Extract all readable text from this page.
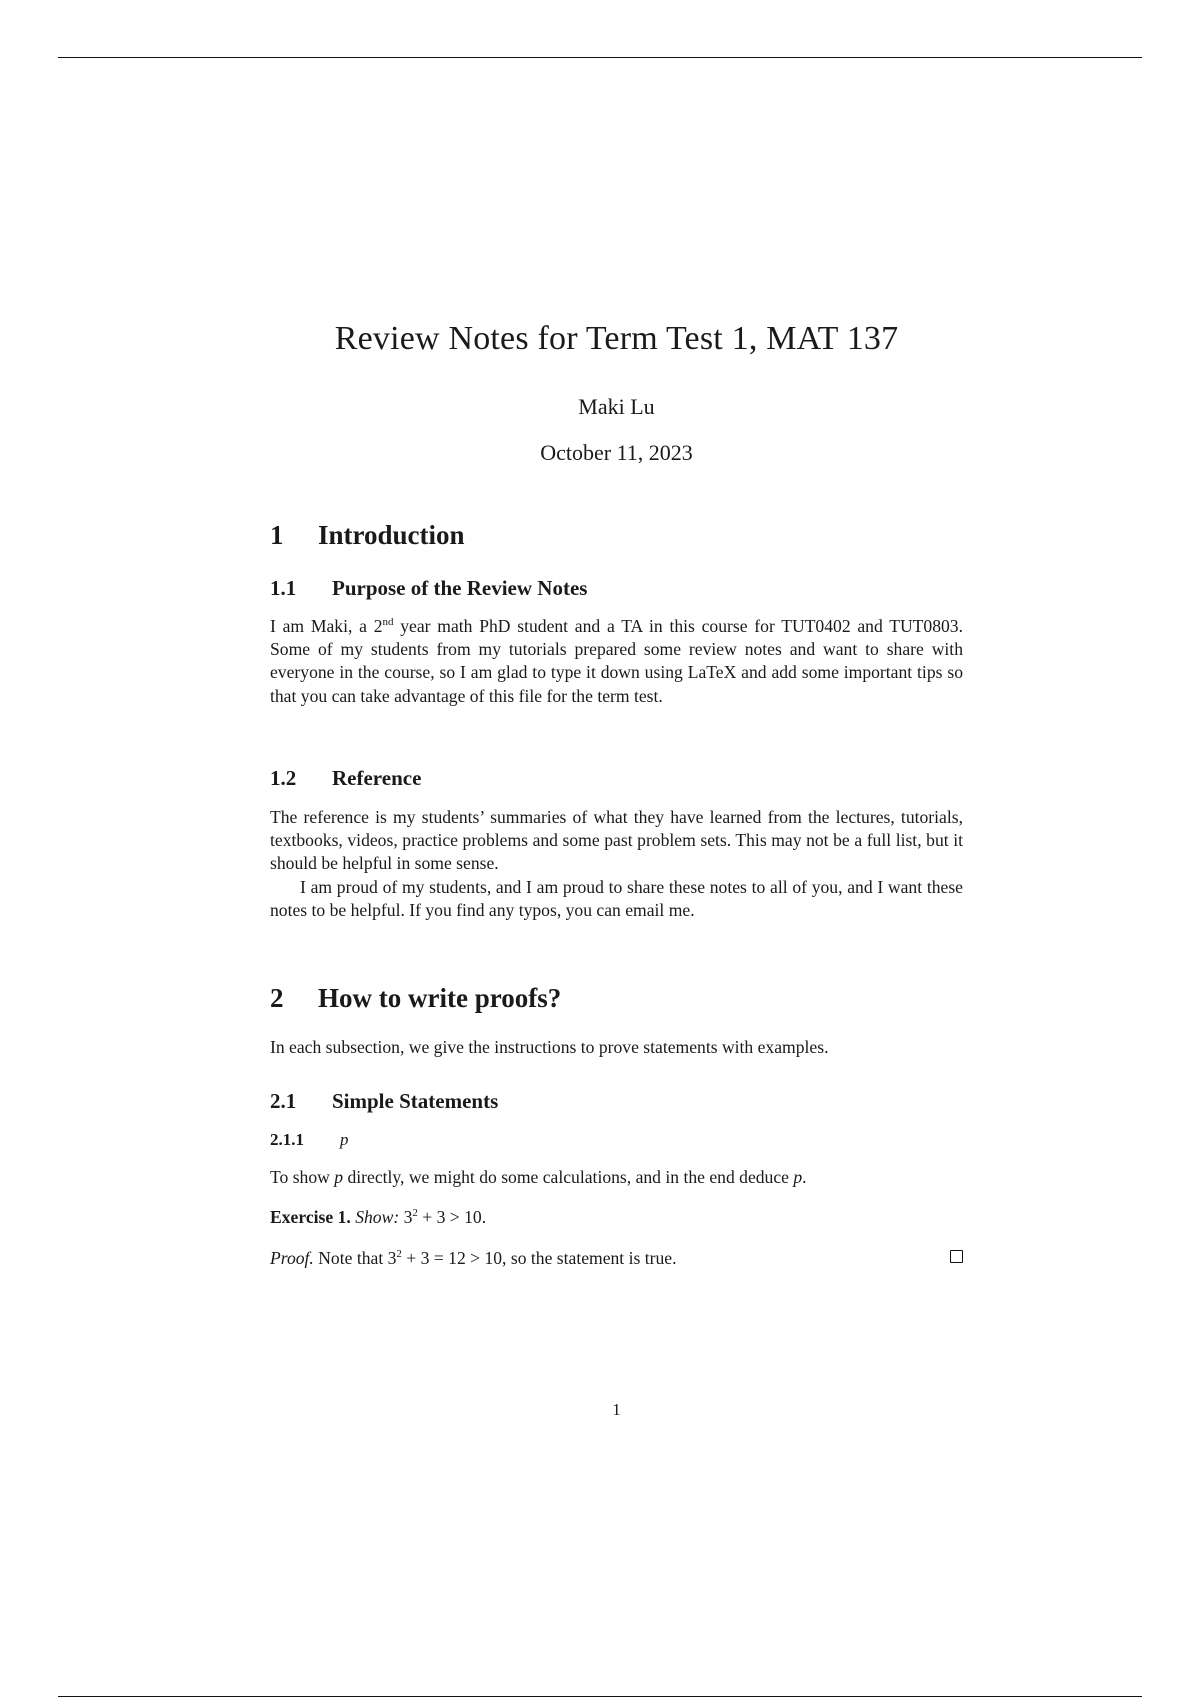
Review Notes for Term Test 1, MAT 137
Maki Lu
October 11, 2023
1 Introduction
1.1 Purpose of the Review Notes
I am Maki, a 2nd year math PhD student and a TA in this course for TUT0402 and TUT0803. Some of my students from my tutorials prepared some review notes and want to share with everyone in the course, so I am glad to type it down using LaTeX and add some important tips so that you can take advantage of this file for the term test.
1.2 Reference
The reference is my students’ summaries of what they have learned from the lectures, tutorials, textbooks, videos, practice problems and some past problem sets. This may not be a full list, but it should be helpful in some sense.
I am proud of my students, and I am proud to share these notes to all of you, and I want these notes to be helpful. If you find any typos, you can email me.
2 How to write proofs?
In each subsection, we give the instructions to prove statements with examples.
2.1 Simple Statements
2.1.1 p
To show p directly, we might do some calculations, and in the end deduce p.
Exercise 1. Show: $3^2 + 3 > 10$.
Proof. Note that $3^2 + 3 = 12 > 10$, so the statement is true.
1
